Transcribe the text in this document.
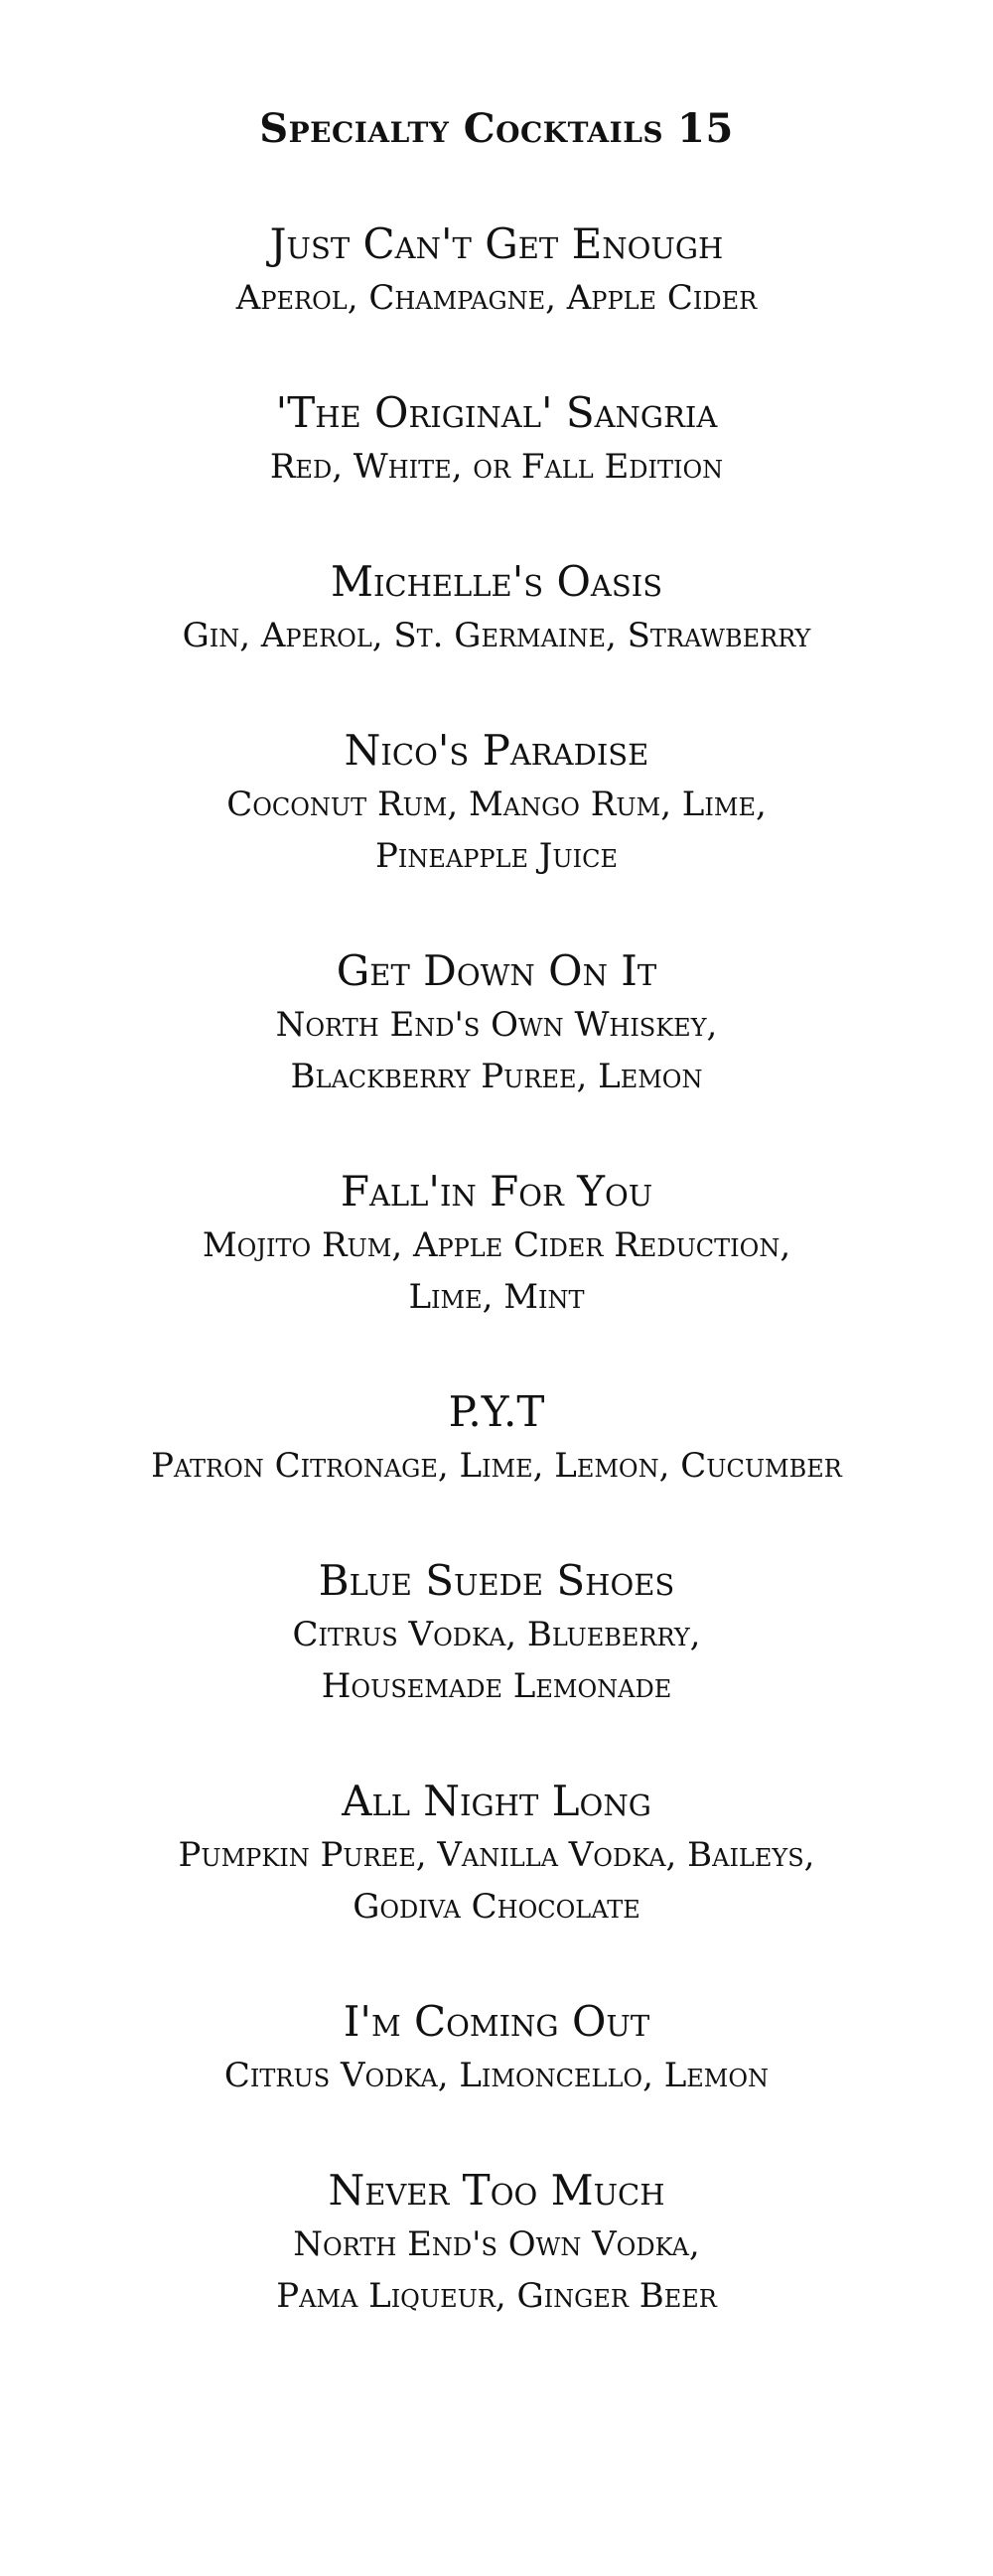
Specialty Cocktails 15
Just Can't Get Enough
Aperol, Champagne, Apple Cider
'The Original' Sangria
Red, White, or Fall Edition
Michelle's Oasis
Gin, Aperol, St. Germaine, Strawberry
Nico's Paradise
Coconut Rum, Mango Rum, Lime,
Pineapple Juice
Get Down On It
North End's Own Whiskey,
Blackberry Puree, Lemon
Fall'in For You
Mojito Rum, Apple Cider Reduction,
Lime, Mint
P.Y.T
Patron Citronage, Lime, Lemon, Cucumber
Blue Suede Shoes
Citrus Vodka, Blueberry,
Housemade Lemonade
All Night Long
Pumpkin Puree, Vanilla Vodka, Baileys,
Godiva Chocolate
I'm Coming Out
Citrus Vodka, Limoncello, Lemon
Never Too Much
North End's Own Vodka,
Pama Liqueur, Ginger Beer
